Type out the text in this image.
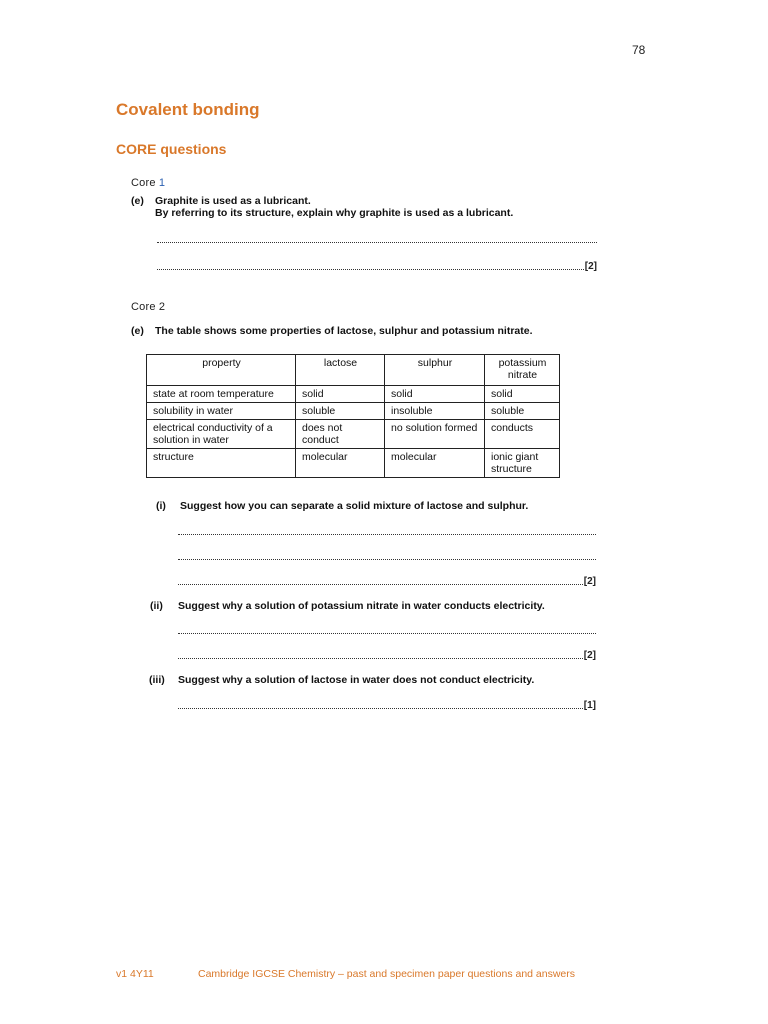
78
Covalent bonding
CORE questions
Core 1
(e) Graphite is used as a lubricant.
By referring to its structure, explain why graphite is used as a lubricant.
[2]
Core 2
(e) The table shows some properties of lactose, sulphur and potassium nitrate.
property	lactose	sulphur	potassium nitrate
state at room temperature	solid	solid	solid
solubility in water	soluble	insoluble	soluble
electrical conductivity of a solution in water	does not conduct	no solution formed	conducts
structure	molecular	molecular	ionic giant structure
(i) Suggest how you can separate a solid mixture of lactose and sulphur.
[2]
(ii) Suggest why a solution of potassium nitrate in water conducts electricity.
[2]
(iii) Suggest why a solution of lactose in water does not conduct electricity.
[1]
v1 4Y11	Cambridge IGCSE Chemistry – past and specimen paper questions and answers
